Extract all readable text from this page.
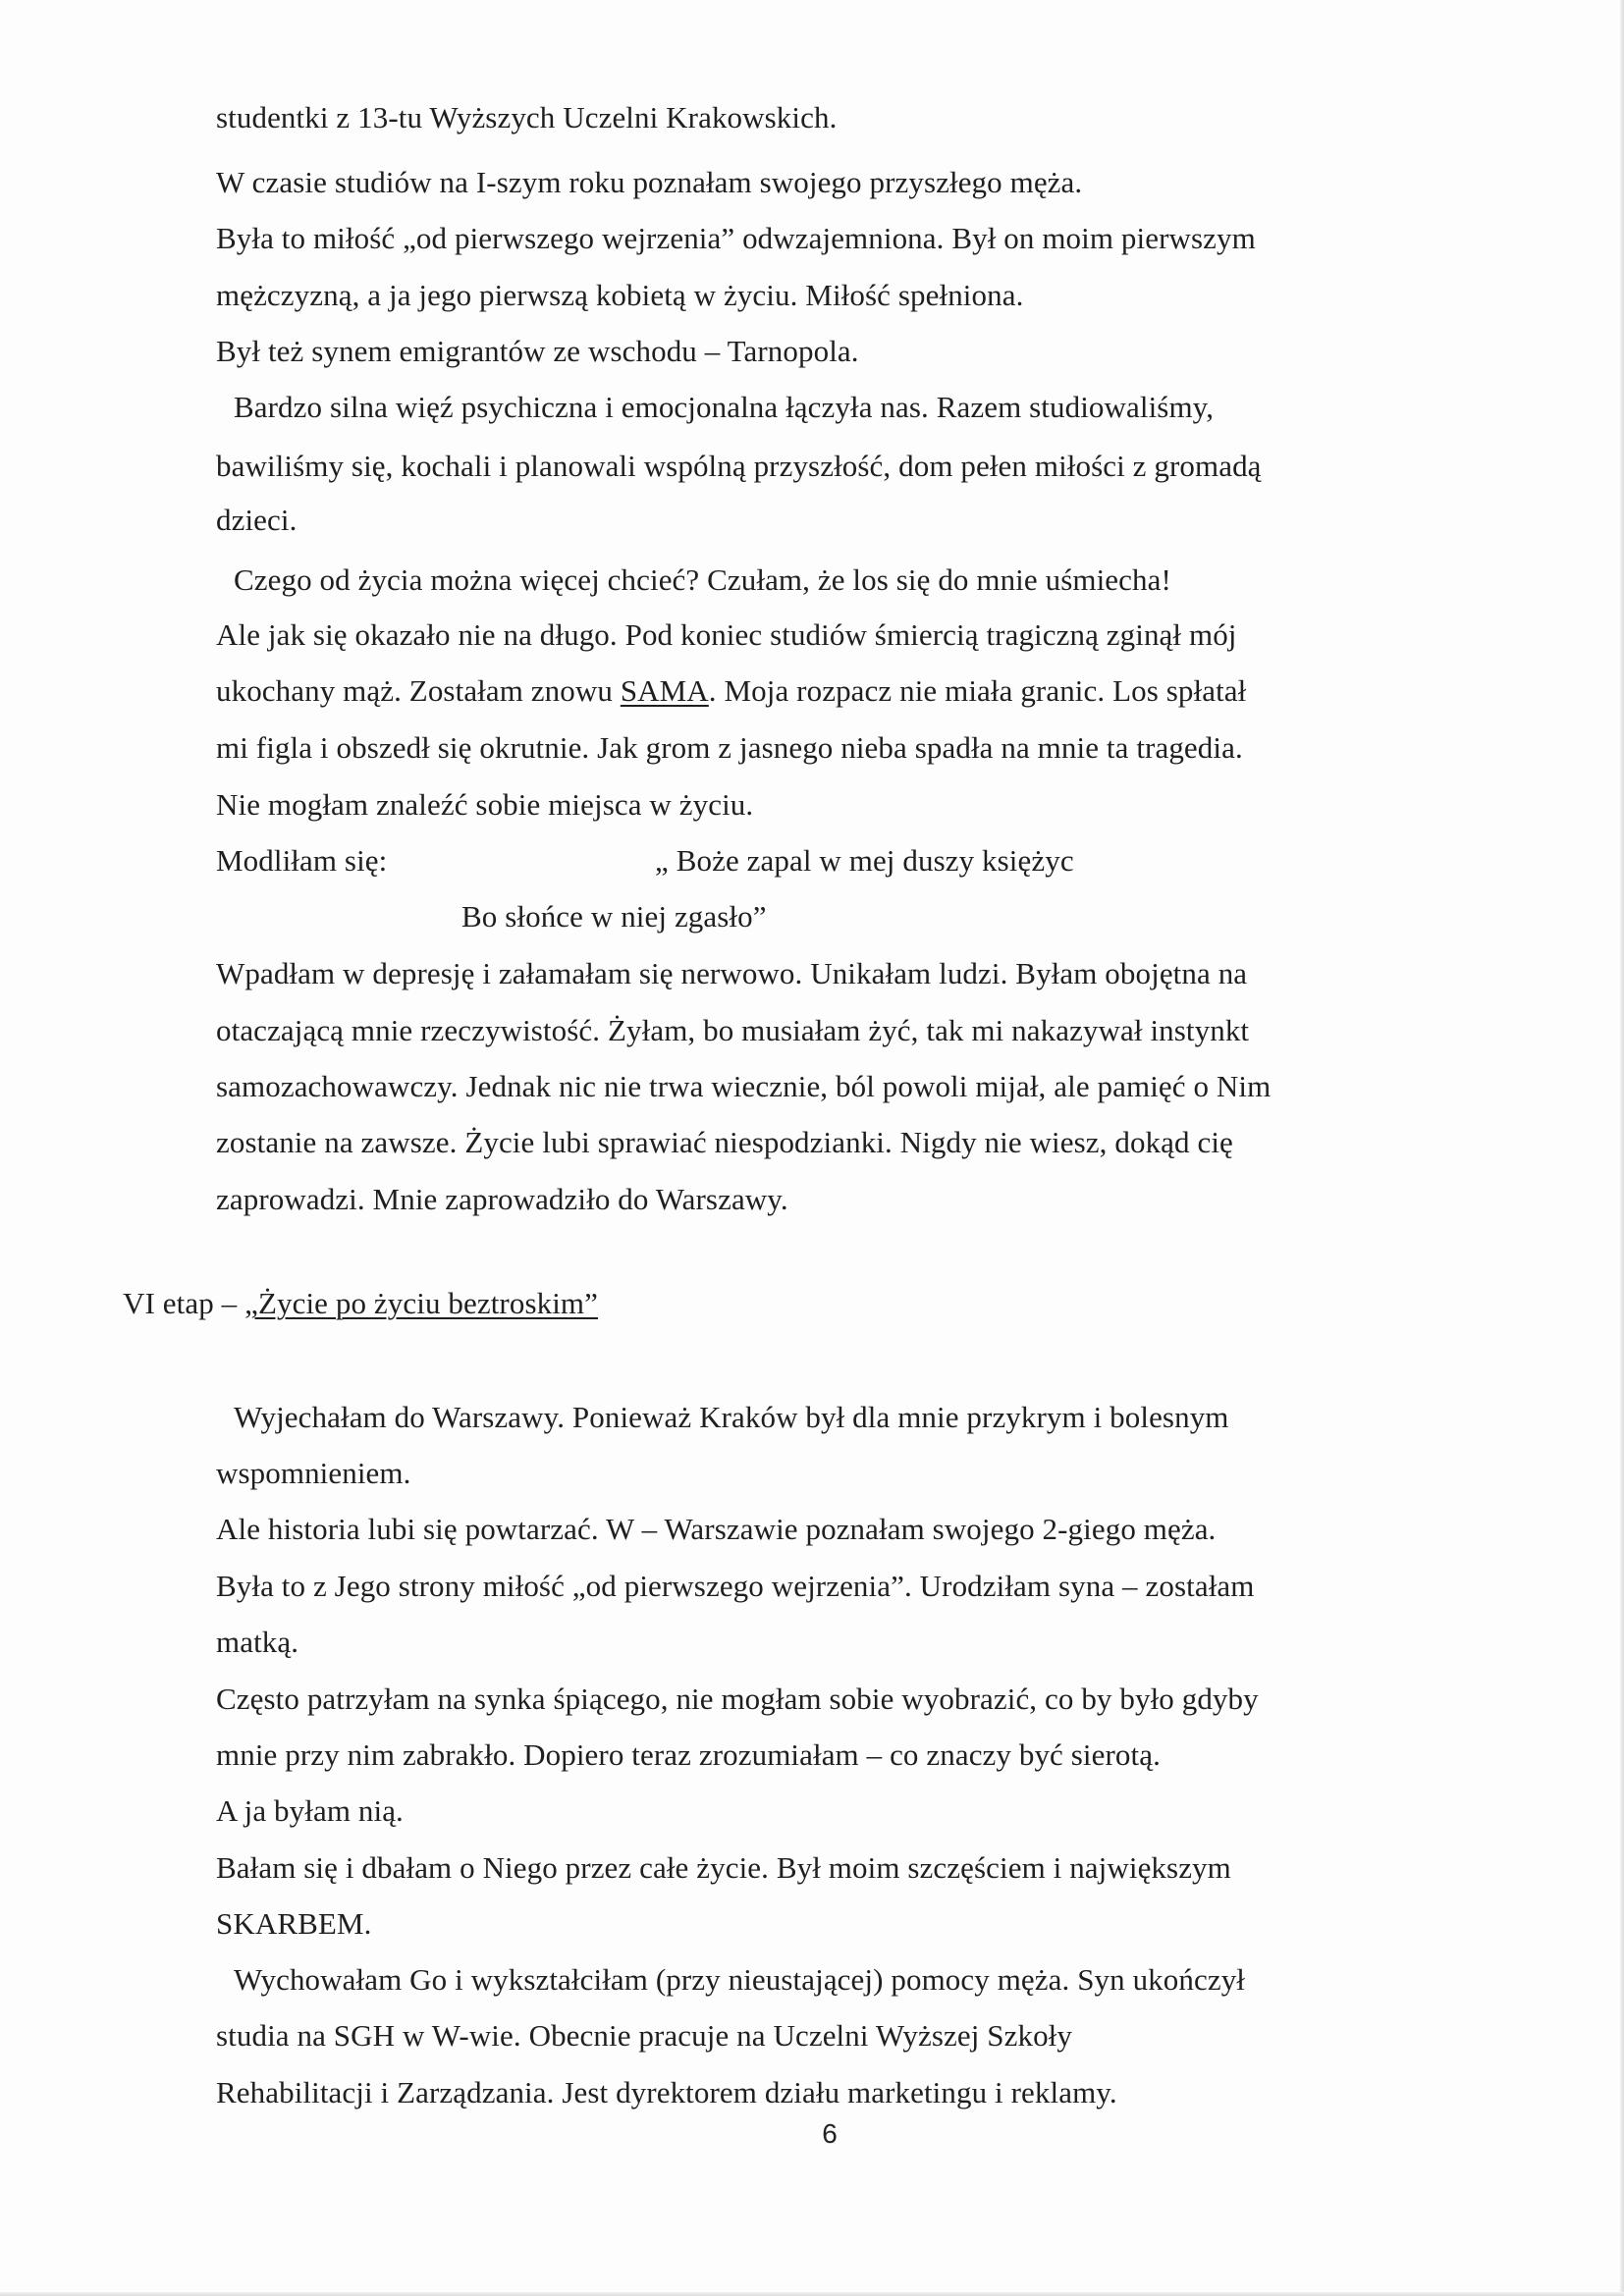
studentki z 13-tu Wyższych Uczelni Krakowskich.
W czasie studiów na I-szym roku poznałam swojego przyszłego męża.
Była to miłość „od pierwszego wejrzenia” odwzajemniona. Był on moim pierwszym
mężczyzną, a ja jego pierwszą kobietą w życiu. Miłość spełniona.
Był też synem emigrantów ze wschodu – Tarnopola.
Bardzo silna więź psychiczna i emocjonalna łączyła nas. Razem studiowaliśmy,
bawiliśmy się, kochali i planowali wspólną przyszłość, dom pełen miłości z gromadą
dzieci.
Czego od życia można więcej chcieć? Czułam, że los się do mnie uśmiecha!
Ale jak się okazało nie na długo. Pod koniec studiów śmiercią tragiczną zginął mój
ukochany mąż. Zostałam znowu SAMA. Moja rozpacz nie miała granic. Los spłatał
mi figla i obszedł się okrutnie. Jak grom z jasnego nieba spadła na mnie ta tragedia.
Nie mogłam znaleźć sobie miejsca w życiu.
Modliłam się:	„ Boże zapal w mej duszy księżyc
Bo słońce w niej zgasło”
Wpadłam w depresję i załamałam się nerwowo. Unikałam ludzi. Byłam obojętna na
otaczającą mnie rzeczywistość. Żyłam, bo musiałam żyć, tak mi nakazywał instynkt
samozachowawczy. Jednak nic nie trwa wiecznie, ból powoli mijał, ale pamięć o Nim
zostanie na zawsze. Życie lubi sprawiać niespodzianki. Nigdy nie wiesz, dokąd cię
zaprowadzi. Mnie zaprowadziło do Warszawy.
VI etap – „Życie po życiu beztroskim”
Wyjechałam do Warszawy. Ponieważ Kraków był dla mnie przykrym i bolesnym
wspomnieniem.
Ale historia lubi się powtarzać. W – Warszawie poznałam swojego 2-giego męża.
Była to z Jego strony miłość „od pierwszego wejrzenia”. Urodziłam syna – zostałam
matką.
Często patrzyłam na synka śpiącego, nie mogłam sobie wyobrazić, co by było gdyby
mnie przy nim zabrakło. Dopiero teraz zrozumiałam – co znaczy być sierotą.
A ja byłam nią.
Bałam się i dbałam o Niego przez całe życie. Był moim szczęściem i największym
SKARBEM.
Wychowałam Go i wykształciłam (przy nieustającej) pomocy męża. Syn ukończył
studia na SGH w W-wie. Obecnie pracuje na Uczelni Wyższej Szkoły
Rehabilitacji i Zarządzania. Jest dyrektorem działu marketingu i reklamy.
6
